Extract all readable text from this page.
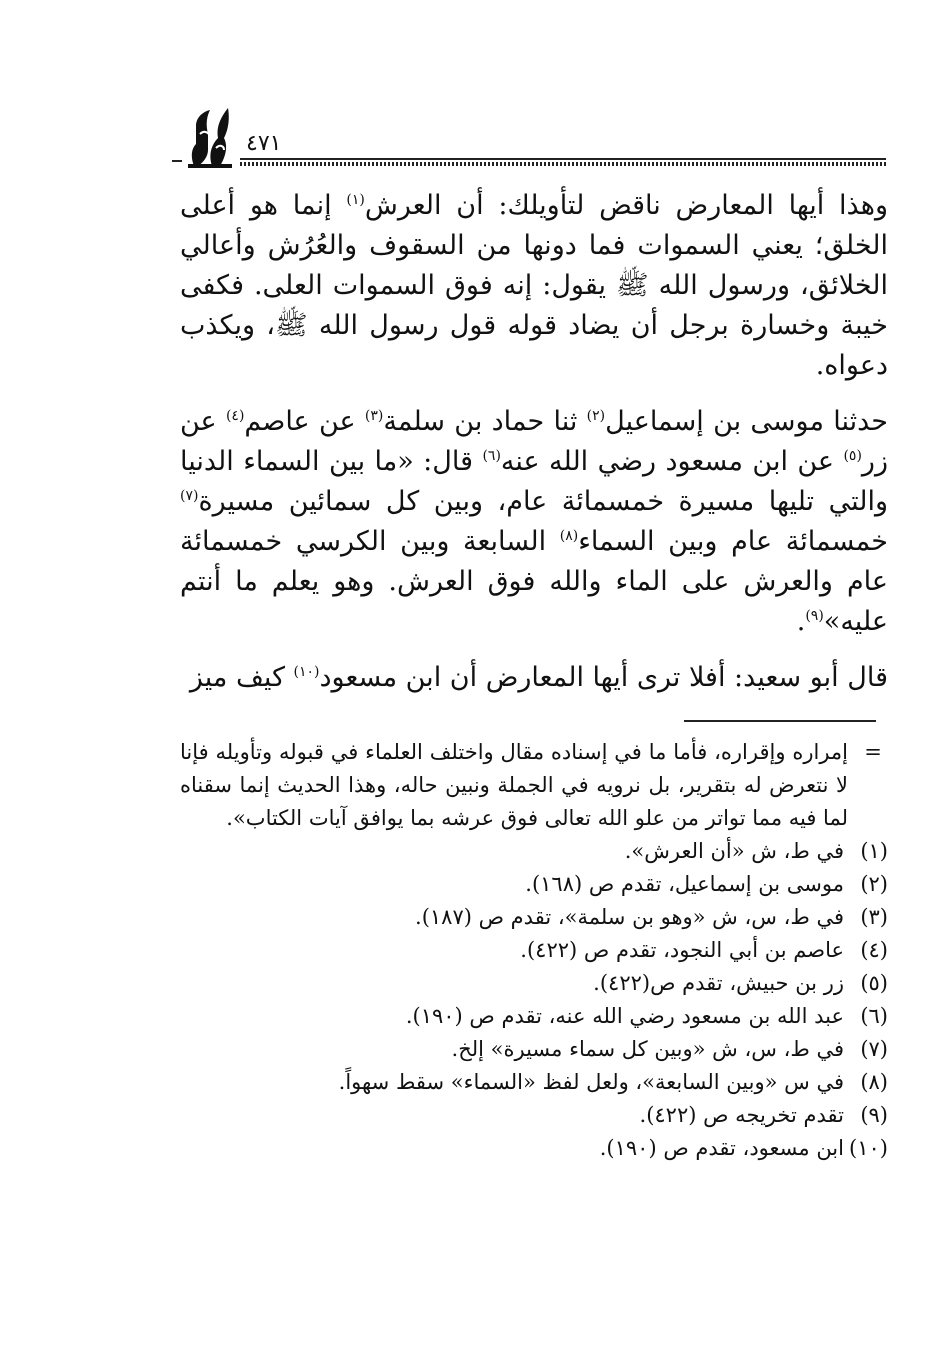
٤٧١

وهذا أيها المعارض ناقض لتأويلك: أن العرش$^{(١)}$ إنما هو أعلى الخلق؛ يعني السموات فما دونها من السقوف والعُرُش وأعالي الخلائق، ورسول الله ﷺ يقول: إنه فوق السموات العلى. فكفى خيبة وخسارة برجل أن يضاد قوله قول رسول الله ﷺ، ويكذب دعواه.

حدثنا موسى بن إسماعيل$^{(٢)}$ ثنا حماد بن سلمة$^{(٣)}$ عن عاصم$^{(٤)}$ عن زر$^{(٥)}$ عن ابن مسعود رضي الله عنه$^{(٦)}$ قال: «ما بين السماء الدنيا والتي تليها مسيرة خمسمائة عام، وبين كل سمائين مسيرة$^{(٧)}$ خمسمائة عام وبين السماء$^{(٨)}$ السابعة وبين الكرسي خمسمائة عام والعرش على الماء والله فوق العرش. وهو يعلم ما أنتم عليه»$^{(٩)}$.

قال أبو سعيد: أفلا ترى أيها المعارض أن ابن مسعود$^{(١٠)}$ كيف ميز

=
إمراره وإقراره، فأما ما في إسناده مقال واختلف العلماء في قبوله وتأويله فإنا لا نتعرض له بتقرير، بل نرويه في الجملة ونبين حاله، وهذا الحديث إنما سقناه لما فيه مما تواتر من علو الله تعالى فوق عرشه بما يوافق آيات الكتاب».

(١)في ط، ش «أن العرش».
(٢)موسى بن إسماعيل، تقدم ص (١٦٨).
(٣)في ط، س، ش «وهو بن سلمة»، تقدم ص (١٨٧).
(٤)عاصم بن أبي النجود، تقدم ص (٤٢٢).
(٥)زر بن حبيش، تقدم ص(٤٢٢).
(٦)عبد الله بن مسعود رضي الله عنه، تقدم ص (١٩٠).
(٧)في ط، س، ش «وبين كل سماء مسيرة» إلخ.
(٨)في س «وبين السابعة»، ولعل لفظ «السماء» سقط سهواً.
(٩)تقدم تخريجه ص (٤٢٢).
(١٠)ابن مسعود، تقدم ص (١٩٠).
